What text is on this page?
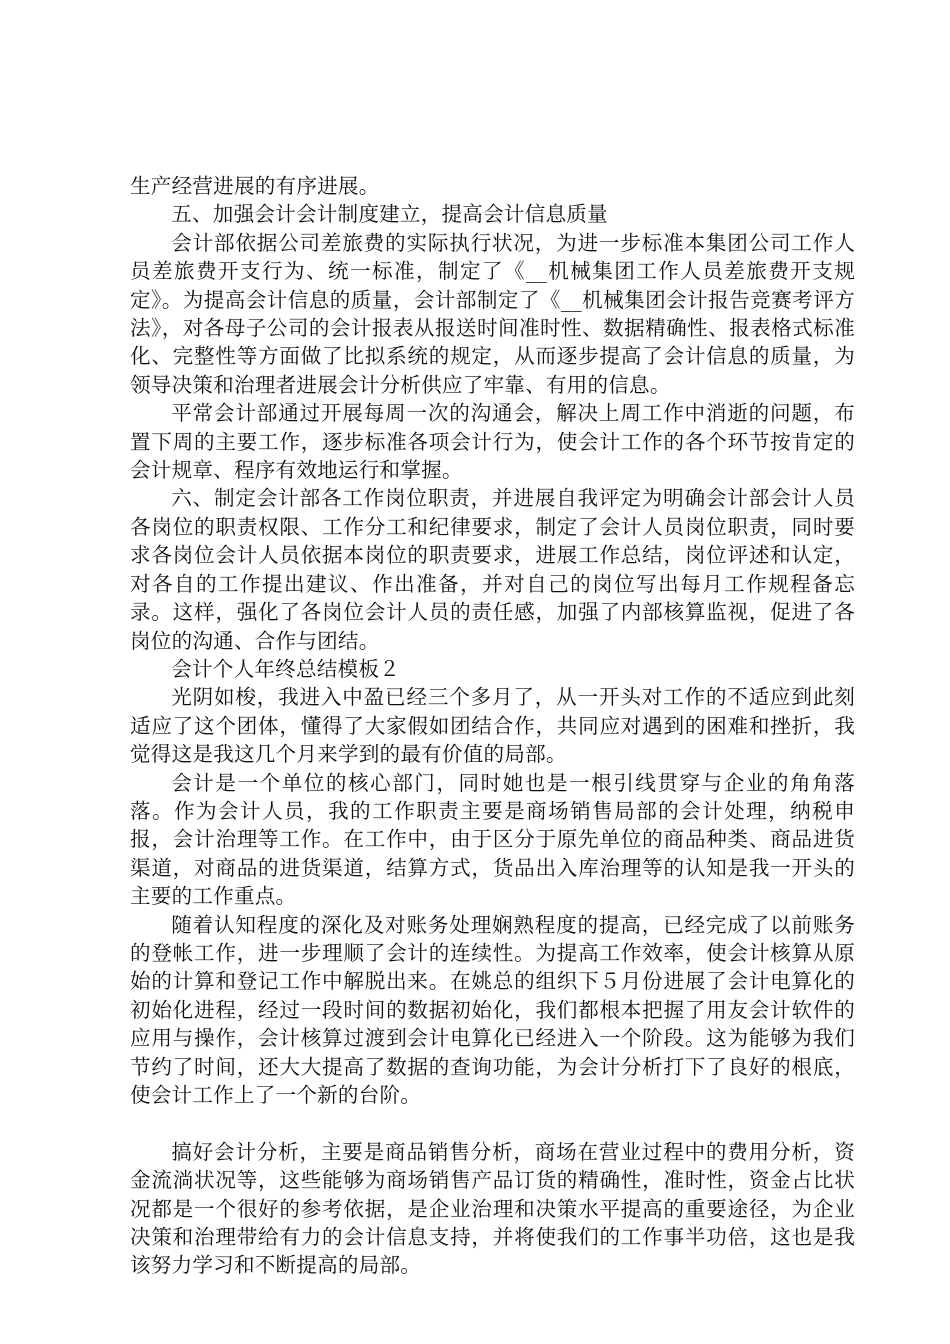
生产经营进展的有序进展。

五、加强会计会计制度建立，提高会计信息质量

会计部依据公司差旅费的实际执行状况，为进一步标准本集团公司工作人员差旅费开支行为、统一标准，制定了《__机械集团工作人员差旅费开支规定》。为提高会计信息的质量，会计部制定了《__机械集团会计报告竞赛考评方法》，对各母子公司的会计报表从报送时间准时性、数据精确性、报表格式标准化、完整性等方面做了比拟系统的规定，从而逐步提高了会计信息的质量，为领导决策和治理者进展会计分析供应了牢靠、有用的信息。

平常会计部通过开展每周一次的沟通会，解决上周工作中消逝的问题，布置下周的主要工作，逐步标准各项会计行为，使会计工作的各个环节按肯定的会计规章、程序有效地运行和掌握。

六、制定会计部各工作岗位职责，并进展自我评定为明确会计部会计人员各岗位的职责权限、工作分工和纪律要求，制定了会计人员岗位职责，同时要求各岗位会计人员依据本岗位的职责要求，进展工作总结，岗位评述和认定，对各自的工作提出建议、作出准备，并对自己的岗位写出每月工作规程备忘录。这样，强化了各岗位会计人员的责任感，加强了内部核算监视，促进了各岗位的沟通、合作与团结。

会计个人年终总结模板２

光阴如梭，我进入中盈已经三个多月了，从一开头对工作的不适应到此刻适应了这个团体，懂得了大家假如团结合作，共同应对遇到的困难和挫折，我觉得这是我这几个月来学到的最有价值的局部。

会计是一个单位的核心部门，同时她也是一根引线贯穿与企业的角角落落。作为会计人员，我的工作职责主要是商场销售局部的会计处理，纳税申报，会计治理等工作。在工作中，由于区分于原先单位的商品种类、商品进货渠道，对商品的进货渠道，结算方式，货品出入库治理等的认知是我一开头的主要的工作重点。

随着认知程度的深化及对账务处理娴熟程度的提高，已经完成了以前账务的登帐工作，进一步理顺了会计的连续性。为提高工作效率，使会计核算从原始的计算和登记工作中解脱出来。在姚总的组织下５月份进展了会计电算化的初始化进程，经过一段时间的数据初始化，我们都根本把握了用友会计软件的应用与操作，会计核算过渡到会计电算化已经进入一个阶段。这为能够为我们节约了时间，还大大提高了数据的查询功能，为会计分析打下了良好的根底，使会计工作上了一个新的台阶。

搞好会计分析，主要是商品销售分析，商场在营业过程中的费用分析，资金流淌状况等，这些能够为商场销售产品订货的精确性，准时性，资金占比状况都是一个很好的参考依据，是企业治理和决策水平提高的重要途径，为企业决策和治理带给有力的会计信息支持，并将使我们的工作事半功倍，这也是我该努力学习和不断提高的局部。
